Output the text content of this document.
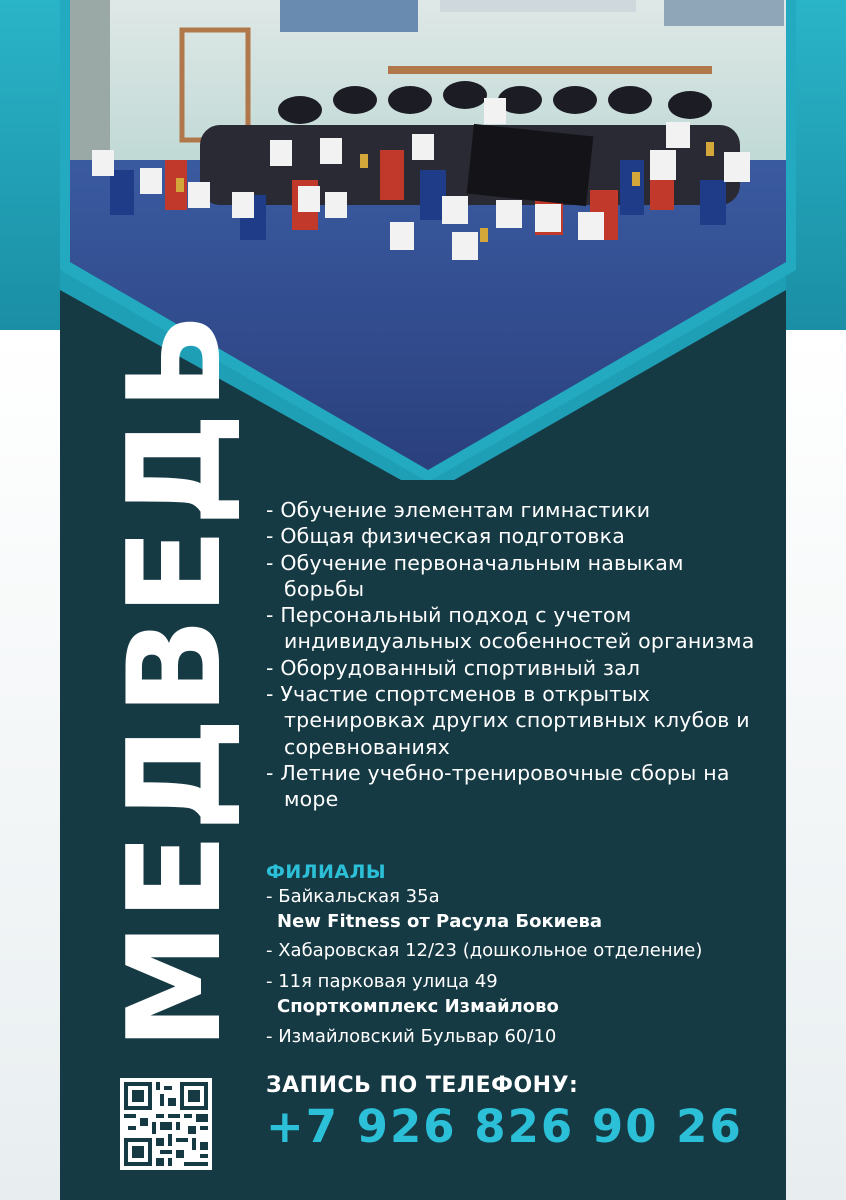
МЕДВЕДЬ - Обучение элементам гимнастики
- Общая физическая подготовка
- Обучение первоначальным навыкам борьбы
- Персональный подход с учетом индивидуальных особенностей организма
- Оборудованный спортивный зал
- Участие спортсменов в открытых тренировках других спортивных клубов и соревнованиях
- Летние учебно-тренировочные сборы на море
ФИЛИАЛЫ
- Байкальская 35а
New Fitness от Расула Бокиева
- Хабаровская 12/23 (дошкольное отделение)
- 11я парковая улица 49
Спорткомплекс Измайлово
- Измайловский Бульвар 60/10
ЗАПИСЬ ПО ТЕЛЕФОНУ:
+7 926 826 90 26
